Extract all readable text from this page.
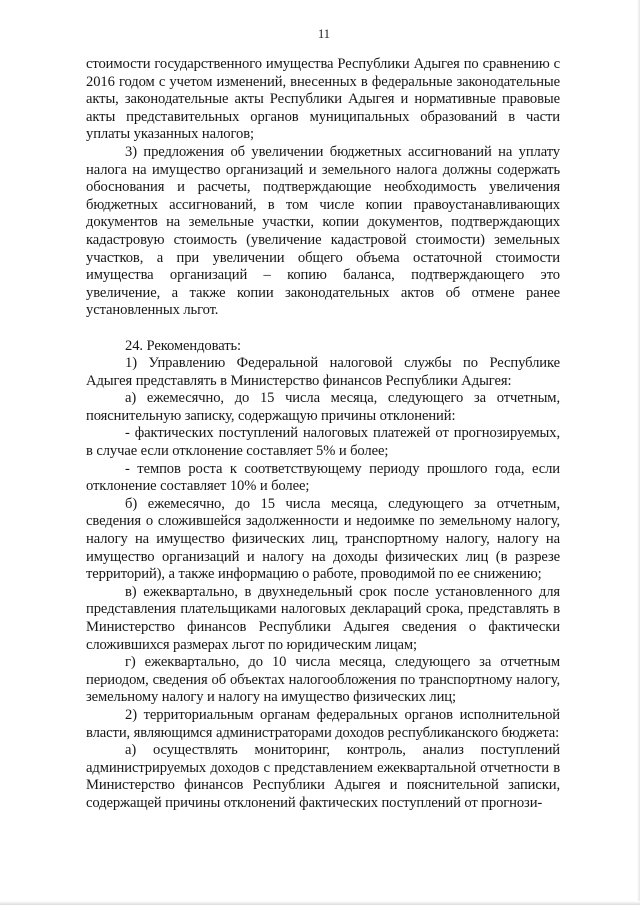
11

стоимости государственного имущества Республики Адыгея по сравнению с 2016 годом с учетом изменений, внесенных в федеральные законодательные акты, законодательные акты Республики Адыгея и нормативные правовые акты представительных органов муниципальных образований в части уплаты указанных налогов;

3) предложения об увеличении бюджетных ассигнований на уплату налога на имущество организаций и земельного налога должны содержать обоснования и расчеты, подтверждающие необходимость увеличения бюджетных ассигнований, в том числе копии правоустанавливающих документов на земельные участки, копии документов, подтверждающих кадастровую стоимость (увеличение кадастровой стоимости) земельных участков, а при увеличении общего объема остаточной стоимости имущества организаций – копию баланса, подтверждающего это увеличение, а также копии законодательных актов об отмене ранее установленных льгот.

24. Рекомендовать:

1) Управлению Федеральной налоговой службы по Республике Адыгея представлять в Министерство финансов Республики Адыгея:

а) ежемесячно, до 15 числа месяца, следующего за отчетным, пояснительную записку, содержащую причины отклонений:

- фактических поступлений налоговых платежей от прогнозируемых, в случае если отклонение составляет 5% и более;

- темпов роста к соответствующему периоду прошлого года, если отклонение составляет 10% и более;

б) ежемесячно, до 15 числа месяца, следующего за отчетным, сведения о сложившейся задолженности и недоимке по земельному налогу, налогу на имущество физических лиц, транспортному налогу, налогу на имущество организаций и налогу на доходы физических лиц (в разрезе территорий), а также информацию о работе, проводимой по ее снижению;

в) ежеквартально, в двухнедельный срок после установленного для представления плательщиками налоговых деклараций срока, представлять в Министерство финансов Республики Адыгея сведения о фактически сложившихся размерах льгот по юридическим лицам;

г) ежеквартально, до 10 числа месяца, следующего за отчетным периодом, сведения об объектах налогообложения по транспортному налогу, земельному налогу и налогу на имущество физических лиц;

2) территориальным органам федеральных органов исполнительной власти, являющимся администраторами доходов республиканского бюджета:

а) осуществлять мониторинг, контроль, анализ поступлений администрируемых доходов с представлением ежеквартальной отчетности в Министерство финансов Республики Адыгея и пояснительной записки, содержащей причины отклонений фактических поступлений от прогнози-
